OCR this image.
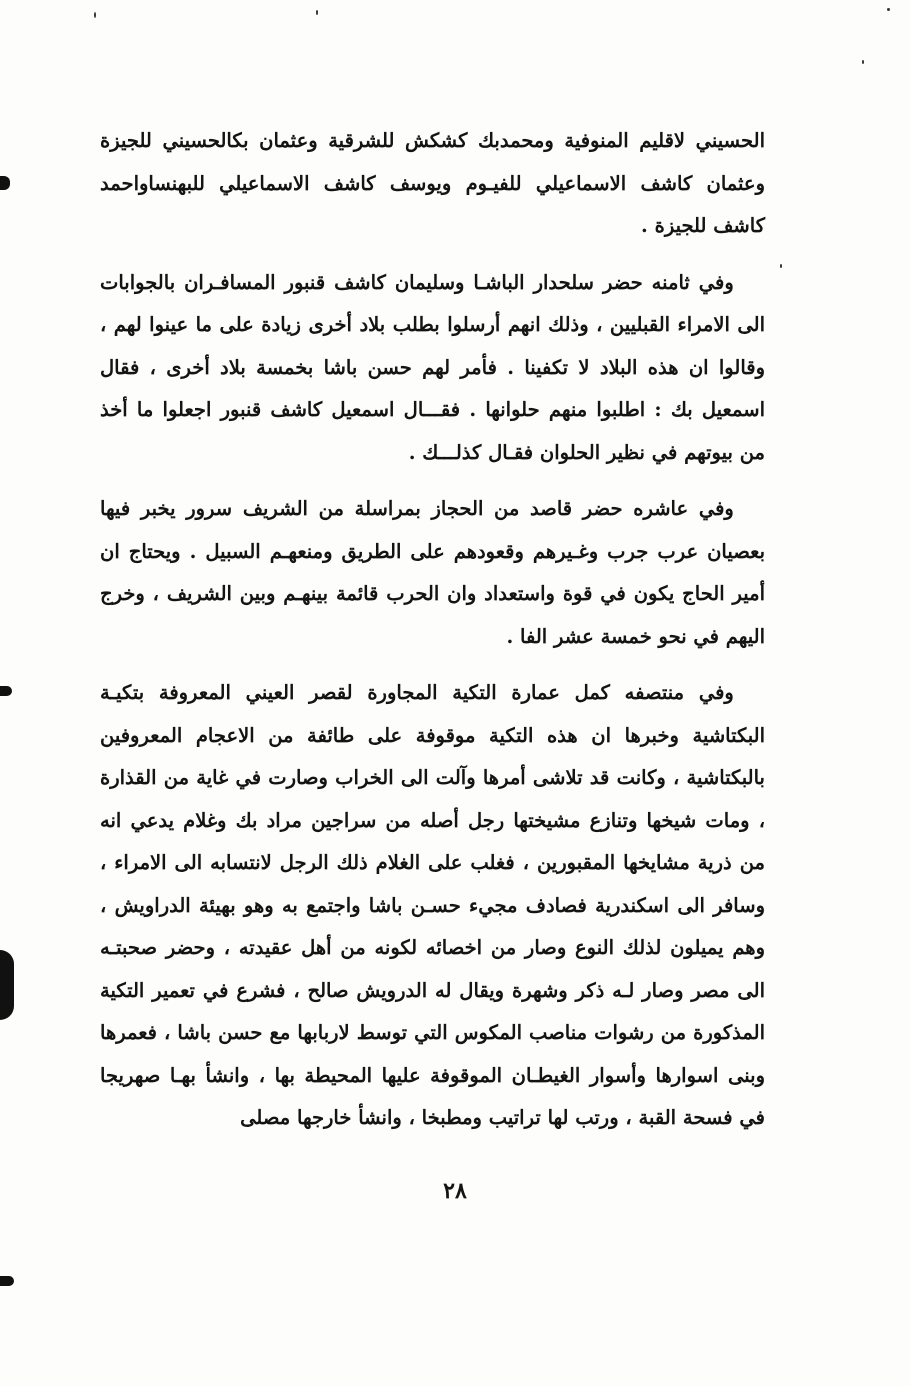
الحسيني لاقليم المنوفية ومحمدبك كشكش للشرقية وعثمان بكالحسيني للجيزة وعثمان كاشف الاسماعيلي للفيـوم ويوسف كاشف الاسماعيلي للبهنساواحمد كاشف للجيزة .

وفي ثامنه حضر سلحدار الباشـا وسليمان كاشف قنبور المسافـران بالجوابات الى الامراء القبليين ، وذلك انهم أرسلوا بطلب بلاد أخرى زيادة على ما عينوا لهم ، وقالوا ان هذه البلاد لا تكفينا . فأمر لهم حسن باشا بخمسة بلاد أخرى ، فقال اسمعيل بك : اطلبوا منهم حلوانها . فقـــال اسمعيل كاشف قنبور اجعلوا ما أخذ من بيوتهم في نظير الحلوان فقـال كذلـــك .

وفي عاشره حضر قاصد من الحجاز بمراسلة من الشريف سرور يخبر فيها بعصيان عرب جرب وغـيرهم وقعودهم على الطريق ومنعهـم السبيل . ويحتاج ان أمير الحاج يكون في قوة واستعداد وان الحرب قائمة بينهـم وبين الشريف ، وخرج اليهم في نحو خمسة عشر الفا .

وفي منتصفه كمل عمارة التكية المجاورة لقصر العيني المعروفة بتكيـة البكتاشية وخبرها ان هذه التكية موقوفة على طائفة من الاعجام المعروفين بالبكتاشية ، وكانت قد تلاشى أمرها وآلت الى الخراب وصارت في غاية من القذارة ، ومات شيخها وتنازع مشيختها رجل أصله من سراجين مراد بك وغلام يدعي انه من ذرية مشايخها المقبورين ، فغلب على الغلام ذلك الرجل لانتسابه الى الامراء ، وسافر الى اسكندرية فصادف مجيء حسـن باشا واجتمع به وهو بهيئة الدراويش ، وهم يميلون لذلك النوع وصار من اخصائه لكونه من أهل عقيدته ، وحضر صحبتـه الى مصر وصار لـه ذكر وشهرة ويقال له الدرويش صالح ، فشرع في تعمير التكية المذكورة من رشوات مناصب المكوس التي توسط لاربابها مع حسن باشا ، فعمرها وبنى اسوارها وأسوار الغيطـان الموقوفة عليها المحيطة بها ، وانشأ بهـا صهريجا في فسحة القبة ، ورتب لها تراتيب ومطبخا ، وانشأ خارجها مصلى

٢٨
